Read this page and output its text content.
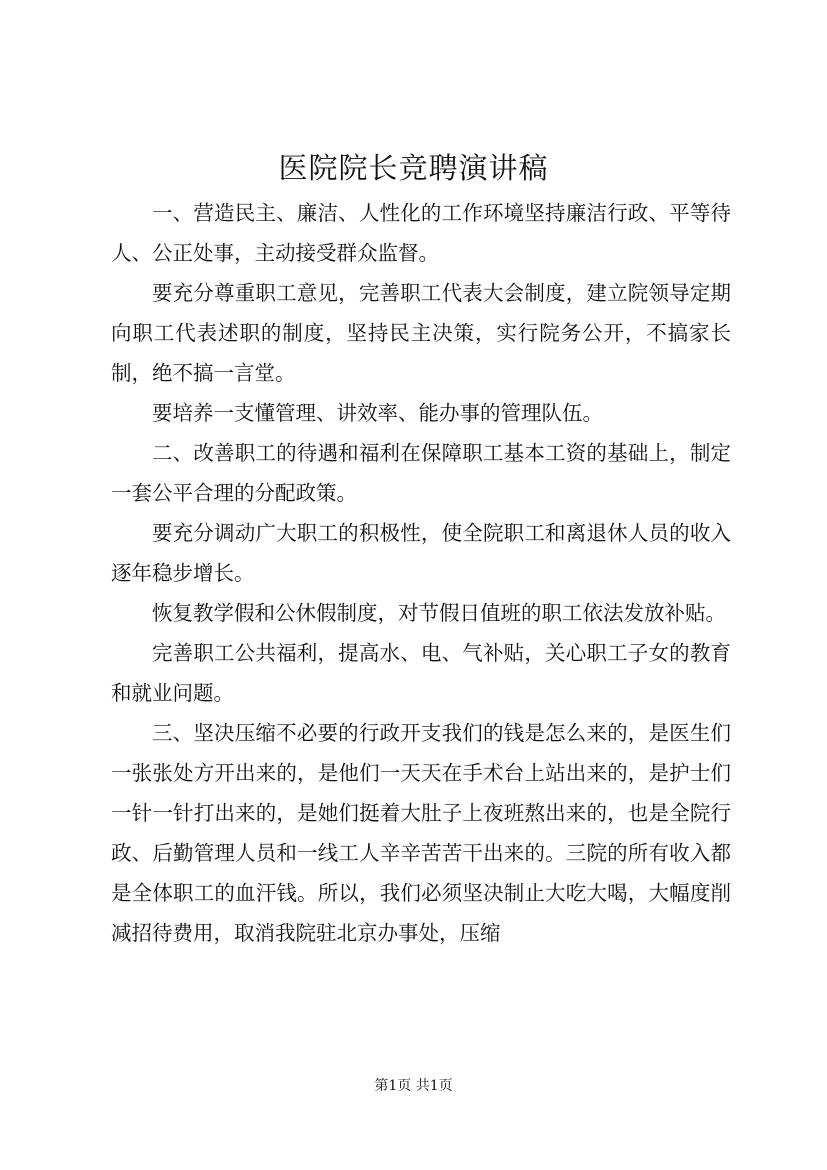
医院院长竞聘演讲稿

一、营造民主、廉洁、人性化的工作环境坚持廉洁行政、平等待人、公正处事，主动接受群众监督。

要充分尊重职工意见，完善职工代表大会制度，建立院领导定期向职工代表述职的制度，坚持民主决策，实行院务公开，不搞家长制，绝不搞一言堂。

要培养一支懂管理、讲效率、能办事的管理队伍。

二、改善职工的待遇和福利在保障职工基本工资的基础上，制定一套公平合理的分配政策。

要充分调动广大职工的积极性，使全院职工和离退休人员的收入逐年稳步增长。

恢复教学假和公休假制度，对节假日值班的职工依法发放补贴。

完善职工公共福利，提高水、电、气补贴，关心职工子女的教育和就业问题。

三、坚决压缩不必要的行政开支我们的钱是怎么来的，是医生们一张张处方开出来的，是他们一天天在手术台上站出来的，是护士们一针一针打出来的，是她们挺着大肚子上夜班熬出来的，也是全院行政、后勤管理人员和一线工人辛辛苦苦干出来的。三院的所有收入都是全体职工的血汗钱。所以，我们必须坚决制止大吃大喝，大幅度削减招待费用，取消我院驻北京办事处，压缩

第1页 共1页
